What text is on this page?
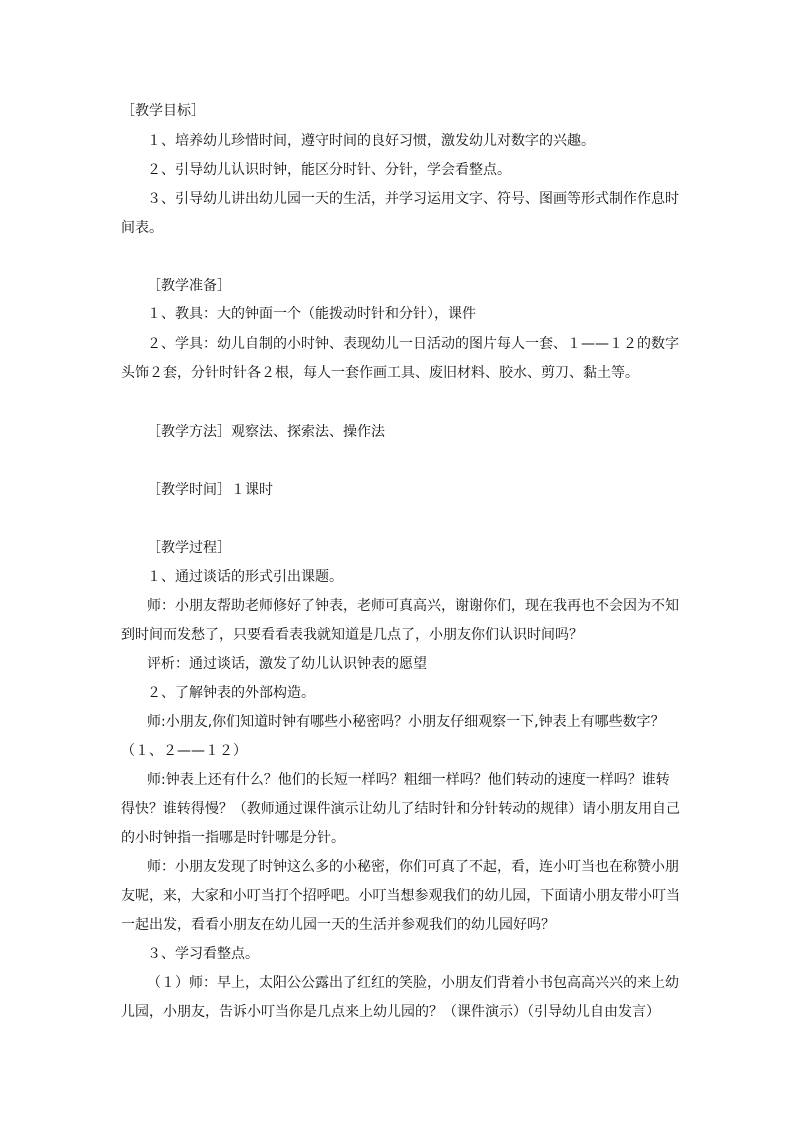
［教学目标］
１、培养幼儿珍惜时间，遵守时间的良好习惯，激发幼儿对数字的兴趣。
２、引导幼儿认识时钟，能区分时针、分针，学会看整点。
３、引导幼儿讲出幼儿园一天的生活，并学习运用文字、符号、图画等形式制作作息时
间表。
［教学准备］
１、教具：大的钟面一个（能拨动时针和分针），课件
２、学具：幼儿自制的小时钟、表现幼儿一日活动的图片每人一套、１——１２的数字
头饰２套，分针时针各２根，每人一套作画工具、废旧材料、胶水、剪刀、黏土等。
［教学方法］观察法、探索法、操作法
［教学时间］１课时
［教学过程］
１、通过谈话的形式引出课题。
师：小朋友帮助老师修好了钟表，老师可真高兴，谢谢你们，现在我再也不会因为不知
到时间而发愁了，只要看看表我就知道是几点了，小朋友你们认识时间吗？
评析：通过谈话，激发了幼儿认识钟表的愿望
２、了解钟表的外部构造。
师:小朋友,你们知道时钟有哪些小秘密吗？小朋友仔细观察一下,钟表上有哪些数字？
（１、２——１２）
师:钟表上还有什么？他们的长短一样吗？粗细一样吗？他们转动的速度一样吗？谁转
得快？谁转得慢？（教师通过课件演示让幼儿了结时针和分针转动的规律）请小朋友用自己
的小时钟指一指哪是时针哪是分针。
师：小朋友发现了时钟这么多的小秘密，你们可真了不起，看，连小叮当也在称赞小朋
友呢，来，大家和小叮当打个招呼吧。小叮当想参观我们的幼儿园，下面请小朋友带小叮当
一起出发，看看小朋友在幼儿园一天的生活并参观我们的幼儿园好吗？
３、学习看整点。
（１）师：早上，太阳公公露出了红红的笑脸，小朋友们背着小书包高高兴兴的来上幼
儿园，小朋友，告诉小叮当你是几点来上幼儿园的？（课件演示）（引导幼儿自由发言）
